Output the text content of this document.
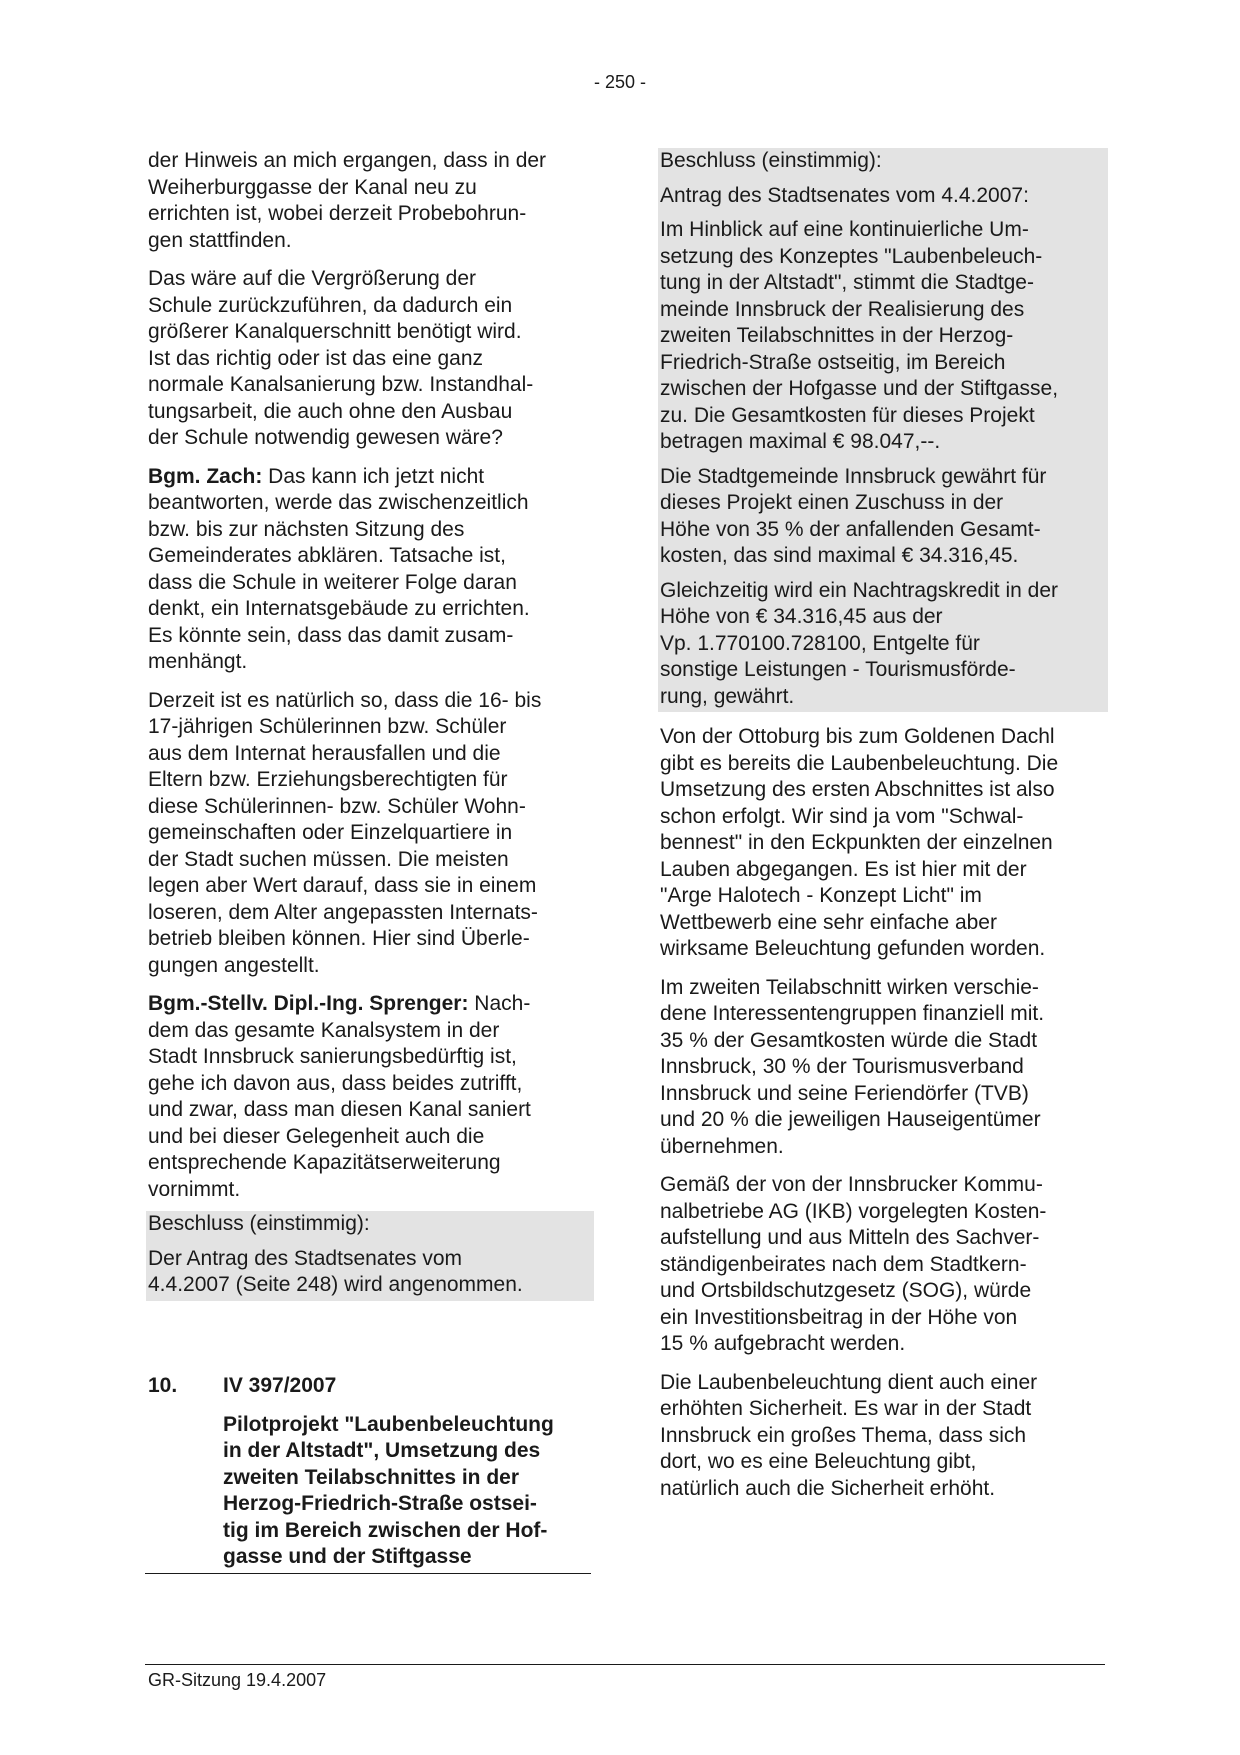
- 250 -

der Hinweis an mich ergangen, dass in der
Weiherburggasse der Kanal neu zu
errichten ist, wobei derzeit Probebohrun-
gen stattfinden.

Das wäre auf die Vergrößerung der
Schule zurückzuführen, da dadurch ein
größerer Kanalquerschnitt benötigt wird.
Ist das richtig oder ist das eine ganz
normale Kanalsanierung bzw. Instandhal-
tungsarbeit, die auch ohne den Ausbau
der Schule notwendig gewesen wäre?

Bgm. Zach: Das kann ich jetzt nicht
beantworten, werde das zwischenzeitlich
bzw. bis zur nächsten Sitzung des
Gemeinderates abklären. Tatsache ist,
dass die Schule in weiterer Folge daran
denkt, ein Internatsgebäude zu errichten.
Es könnte sein, dass das damit zusam-
menhängt.

Derzeit ist es natürlich so, dass die 16- bis
17-jährigen Schülerinnen bzw. Schüler
aus dem Internat herausfallen und die
Eltern bzw. Erziehungsberechtigten für
diese Schülerinnen- bzw. Schüler Wohn-
gemeinschaften oder Einzelquartiere in
der Stadt suchen müssen. Die meisten
legen aber Wert darauf, dass sie in einem
loseren, dem Alter angepassten Internats-
betrieb bleiben können. Hier sind Überle-
gungen angestellt.

Bgm.-Stellv. Dipl.-Ing. Sprenger: Nach-
dem das gesamte Kanalsystem in der
Stadt Innsbruck sanierungsbedürftig ist,
gehe ich davon aus, dass beides zutrifft,
und zwar, dass man diesen Kanal saniert
und bei dieser Gelegenheit auch die
entsprechende Kapazitätserweiterung
vornimmt.

Beschluss (einstimmig):

Der Antrag des Stadtsenates vom
4.4.2007 (Seite 248) wird angenommen.

10.	IV 397/2007
Pilotprojekt "Laubenbeleuchtung
in der Altstadt", Umsetzung des
zweiten Teilabschnittes in der
Herzog-Friedrich-Straße ostsei-
tig im Bereich zwischen der Hof-
gasse und der Stiftgasse

Beschluss (einstimmig):

Antrag des Stadtsenates vom 4.4.2007:

Im Hinblick auf eine kontinuierliche Um-
setzung des Konzeptes "Laubenbeleuch-
tung in der Altstadt", stimmt die Stadtge-
meinde Innsbruck der Realisierung des
zweiten Teilabschnittes in der Herzog-
Friedrich-Straße ostseitig, im Bereich
zwischen der Hofgasse und der Stiftgasse,
zu. Die Gesamtkosten für dieses Projekt
betragen maximal € 98.047,--.

Die Stadtgemeinde Innsbruck gewährt für
dieses Projekt einen Zuschuss in der
Höhe von 35 % der anfallenden Gesamt-
kosten, das sind maximal € 34.316,45.

Gleichzeitig wird ein Nachtragskredit in der
Höhe von € 34.316,45 aus der
Vp. 1.770100.728100, Entgelte für
sonstige Leistungen - Tourismusförde-
rung, gewährt.

Von der Ottoburg bis zum Goldenen Dachl
gibt es bereits die Laubenbeleuchtung. Die
Umsetzung des ersten Abschnittes ist also
schon erfolgt. Wir sind ja vom "Schwal-
bennest" in den Eckpunkten der einzelnen
Lauben abgegangen. Es ist hier mit der
"Arge Halotech - Konzept Licht" im
Wettbewerb eine sehr einfache aber
wirksame Beleuchtung gefunden worden.

Im zweiten Teilabschnitt wirken verschie-
dene Interessentengruppen finanziell mit.
35 % der Gesamtkosten würde die Stadt
Innsbruck, 30 % der Tourismusverband
Innsbruck und seine Feriendörfer (TVB)
und 20 % die jeweiligen Hauseigentümer
übernehmen.

Gemäß der von der Innsbrucker Kommu-
nalbetriebe AG (IKB) vorgelegten Kosten-
aufstellung und aus Mitteln des Sachver-
ständigenbeirates nach dem Stadtkern-
und Ortsbildschutzgesetz (SOG), würde
ein Investitionsbeitrag in der Höhe von
15 % aufgebracht werden.

Die Laubenbeleuchtung dient auch einer
erhöhten Sicherheit. Es war in der Stadt
Innsbruck ein großes Thema, dass sich
dort, wo es eine Beleuchtung gibt,
natürlich auch die Sicherheit erhöht.

GR-Sitzung 19.4.2007
